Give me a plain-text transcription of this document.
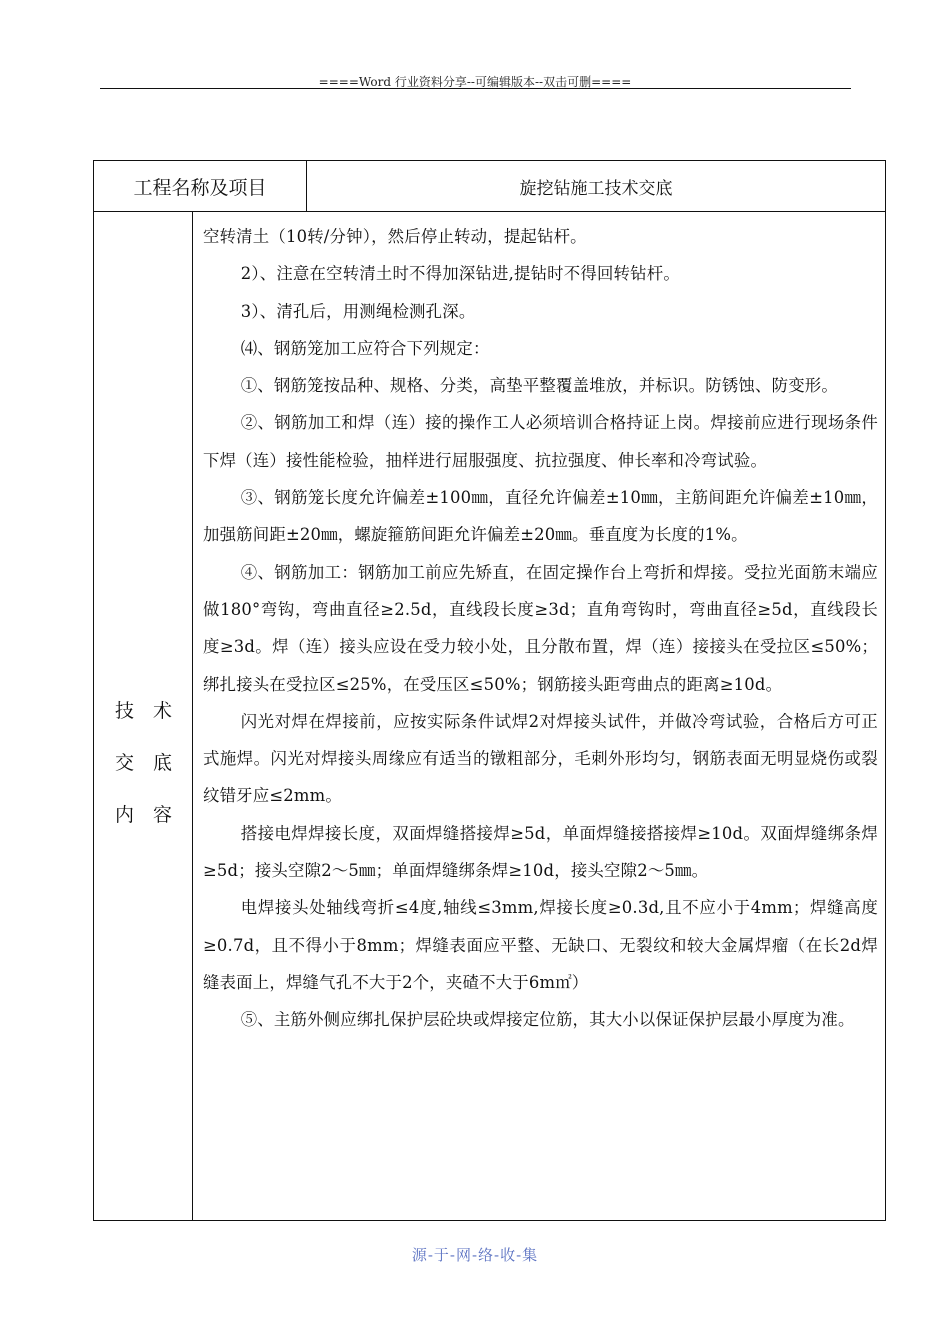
====Word 行业资料分享--可编辑版本--双击可删====
工程名称及项目	旋挖钻施工技术交底
技　术
交　底
内　容

空转清土（10转/分钟），然后停止转动，提起钻杆。

2）、注意在空转清土时不得加深钻进,提钻时不得回转钻杆。

3）、清孔后，用测绳检测孔深。

⑷、钢筋笼加工应符合下列规定：

①、钢筋笼按品种、规格、分类，高垫平整覆盖堆放，并标识。防锈蚀、防变形。

②、钢筋加工和焊（连）接的操作工人必须培训合格持证上岗。焊接前应进行现场条件下焊（连）接性能检验，抽样进行屈服强度、抗拉强度、伸长率和冷弯试验。

③、钢筋笼长度允许偏差±100㎜，直径允许偏差±10㎜，主筋间距允许偏差±10㎜，加强筋间距±20㎜，螺旋箍筋间距允许偏差±20㎜。垂直度为长度的1%。

④、钢筋加工：钢筋加工前应先矫直，在固定操作台上弯折和焊接。受拉光面筋末端应做180°弯钩，弯曲直径≥2.5d，直线段长度≥3d；直角弯钩时，弯曲直径≥5d，直线段长度≥3d。焊（连）接头应设在受力较小处，且分散布置，焊（连）接接头在受拉区≤50%；绑扎接头在受拉区≤25%，在受压区≤50%；钢筋接头距弯曲点的距离≥10d。

闪光对焊在焊接前，应按实际条件试焊2对焊接头试件，并做冷弯试验，合格后方可正式施焊。闪光对焊接头周缘应有适当的镦粗部分，毛刺外形均匀，钢筋表面无明显烧伤或裂纹错牙应≤2mm。

搭接电焊焊接长度，双面焊缝搭接焊≥5d，单面焊缝接搭接焊≥10d。双面焊缝绑条焊≥5d；接头空隙2～5㎜；单面焊缝绑条焊≥10d，接头空隙2～5㎜。

电焊接头处轴线弯折≤4度,轴线≤3mm,焊接长度≥0.3d,且不应小于4mm；焊缝高度≥0.7d，且不得小于8mm；焊缝表面应平整、无缺口、无裂纹和较大金属焊瘤（在长2d焊缝表面上，焊缝气孔不大于2个，夹碴不大于6m㎡）

⑤、主筋外侧应绑扎保护层砼块或焊接定位筋，其大小以保证保护层最小厚度为准。

源-于-网-络-收-集
